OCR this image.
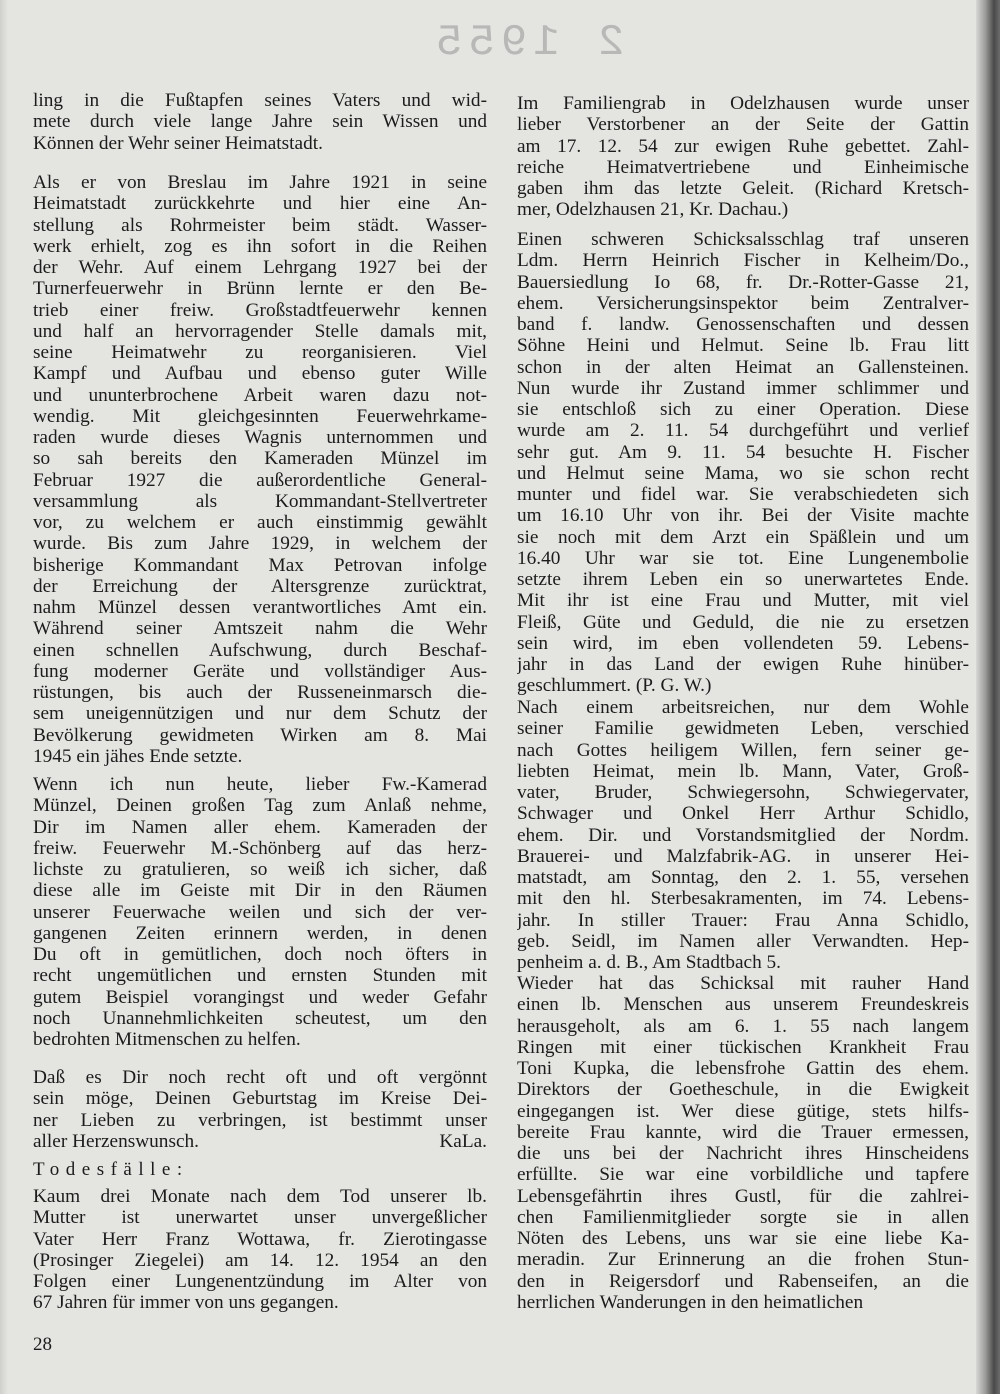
2 1955
ling in die Fußtapfen seines Vaters und wid-
mete durch viele lange Jahre sein Wissen und
Können der Wehr seiner Heimatstadt.
Als er von Breslau im Jahre 1921 in seine
Heimatstadt zurückkehrte und hier eine An-
stellung als Rohrmeister beim städt. Wasser-
werk erhielt, zog es ihn sofort in die Reihen
der Wehr. Auf einem Lehrgang 1927 bei der
Turnerfeuerwehr in Brünn lernte er den Be-
trieb einer freiw. Großstadtfeuerwehr kennen
und half an hervorragender Stelle damals mit,
seine Heimatwehr zu reorganisieren. Viel
Kampf und Aufbau und ebenso guter Wille
und ununterbrochene Arbeit waren dazu not-
wendig. Mit gleichgesinnten Feuerwehrkame-
raden wurde dieses Wagnis unternommen und
so sah bereits den Kameraden Münzel im
Februar 1927 die außerordentliche General-
versammlung als Kommandant-Stellvertreter
vor, zu welchem er auch einstimmig gewählt
wurde. Bis zum Jahre 1929, in welchem der
bisherige Kommandant Max Petrovan infolge
der Erreichung der Altersgrenze zurücktrat,
nahm Münzel dessen verantwortliches Amt ein.
Während seiner Amtszeit nahm die Wehr
einen schnellen Aufschwung, durch Beschaf-
fung moderner Geräte und vollständiger Aus-
rüstungen, bis auch der Russeneinmarsch die-
sem uneigennützigen und nur dem Schutz der
Bevölkerung gewidmeten Wirken am 8. Mai
1945 ein jähes Ende setzte.
Wenn ich nun heute, lieber Fw.-Kamerad
Münzel, Deinen großen Tag zum Anlaß nehme,
Dir im Namen aller ehem. Kameraden der
freiw. Feuerwehr M.-Schönberg auf das herz-
lichste zu gratulieren, so weiß ich sicher, daß
diese alle im Geiste mit Dir in den Räumen
unserer Feuerwache weilen und sich der ver-
gangenen Zeiten erinnern werden, in denen
Du oft in gemütlichen, doch noch öfters in
recht ungemütlichen und ernsten Stunden mit
gutem Beispiel vorangingst und weder Gefahr
noch Unannehmlichkeiten scheutest, um den
bedrohten Mitmenschen zu helfen.
Daß es Dir noch recht oft und oft vergönnt
sein möge, Deinen Geburtstag im Kreise Dei-
ner Lieben zu verbringen, ist bestimmt unser
aller Herzenswunsch.	KaLa.
Todesfälle:
Kaum drei Monate nach dem Tod unserer lb.
Mutter ist unerwartet unser unvergeßlicher
Vater Herr Franz Wottawa, fr. Zierotingasse
(Prosinger Ziegelei) am 14. 12. 1954 an den
Folgen einer Lungenentzündung im Alter von
67 Jahren für immer von uns gegangen.
Im Familiengrab in Odelzhausen wurde unser
lieber Verstorbener an der Seite der Gattin
am 17. 12. 54 zur ewigen Ruhe gebettet. Zahl-
reiche Heimatvertriebene und Einheimische
gaben ihm das letzte Geleit. (Richard Kretsch-
mer, Odelzhausen 21, Kr. Dachau.)
Einen schweren Schicksalsschlag traf unseren
Ldm. Herrn Heinrich Fischer in Kelheim/Do.,
Bauersiedlung Io 68, fr. Dr.-Rotter-Gasse 21,
ehem. Versicherungsinspektor beim Zentralver-
band f. landw. Genossenschaften und dessen
Söhne Heini und Helmut. Seine lb. Frau litt
schon in der alten Heimat an Gallensteinen.
Nun wurde ihr Zustand immer schlimmer und
sie entschloß sich zu einer Operation. Diese
wurde am 2. 11. 54 durchgeführt und verlief
sehr gut. Am 9. 11. 54 besuchte H. Fischer
und Helmut seine Mama, wo sie schon recht
munter und fidel war. Sie verabschiedeten sich
um 16.10 Uhr von ihr. Bei der Visite machte
sie noch mit dem Arzt ein Späßlein und um
16.40 Uhr war sie tot. Eine Lungenembolie
setzte ihrem Leben ein so unerwartetes Ende.
Mit ihr ist eine Frau und Mutter, mit viel
Fleiß, Güte und Geduld, die nie zu ersetzen
sein wird, im eben vollendeten 59. Lebens-
jahr in das Land der ewigen Ruhe hinüber-
geschlummert. (P. G. W.)
Nach einem arbeitsreichen, nur dem Wohle
seiner Familie gewidmeten Leben, verschied
nach Gottes heiligem Willen, fern seiner ge-
liebten Heimat, mein lb. Mann, Vater, Groß-
vater, Bruder, Schwiegersohn, Schwiegervater,
Schwager und Onkel Herr Arthur Schidlo,
ehem. Dir. und Vorstandsmitglied der Nordm.
Brauerei- und Malzfabrik-AG. in unserer Hei-
matstadt, am Sonntag, den 2. 1. 55, versehen
mit den hl. Sterbesakramenten, im 74. Lebens-
jahr. In stiller Trauer: Frau Anna Schidlo,
geb. Seidl, im Namen aller Verwandten. Hep-
penheim a. d. B., Am Stadtbach 5.
Wieder hat das Schicksal mit rauher Hand
einen lb. Menschen aus unserem Freundeskreis
herausgeholt, als am 6. 1. 55 nach langem
Ringen mit einer tückischen Krankheit Frau
Toni Kupka, die lebensfrohe Gattin des ehem.
Direktors der Goetheschule, in die Ewigkeit
eingegangen ist. Wer diese gütige, stets hilfs-
bereite Frau kannte, wird die Trauer ermessen,
die uns bei der Nachricht ihres Hinscheidens
erfüllte. Sie war eine vorbildliche und tapfere
Lebensgefährtin ihres Gustl, für die zahlrei-
chen Familienmitglieder sorgte sie in allen
Nöten des Lebens, uns war sie eine liebe Ka-
meradin. Zur Erinnerung an die frohen Stun-
den in Reigersdorf und Rabenseifen, an die
herrlichen Wanderungen in den heimatlichen
28
